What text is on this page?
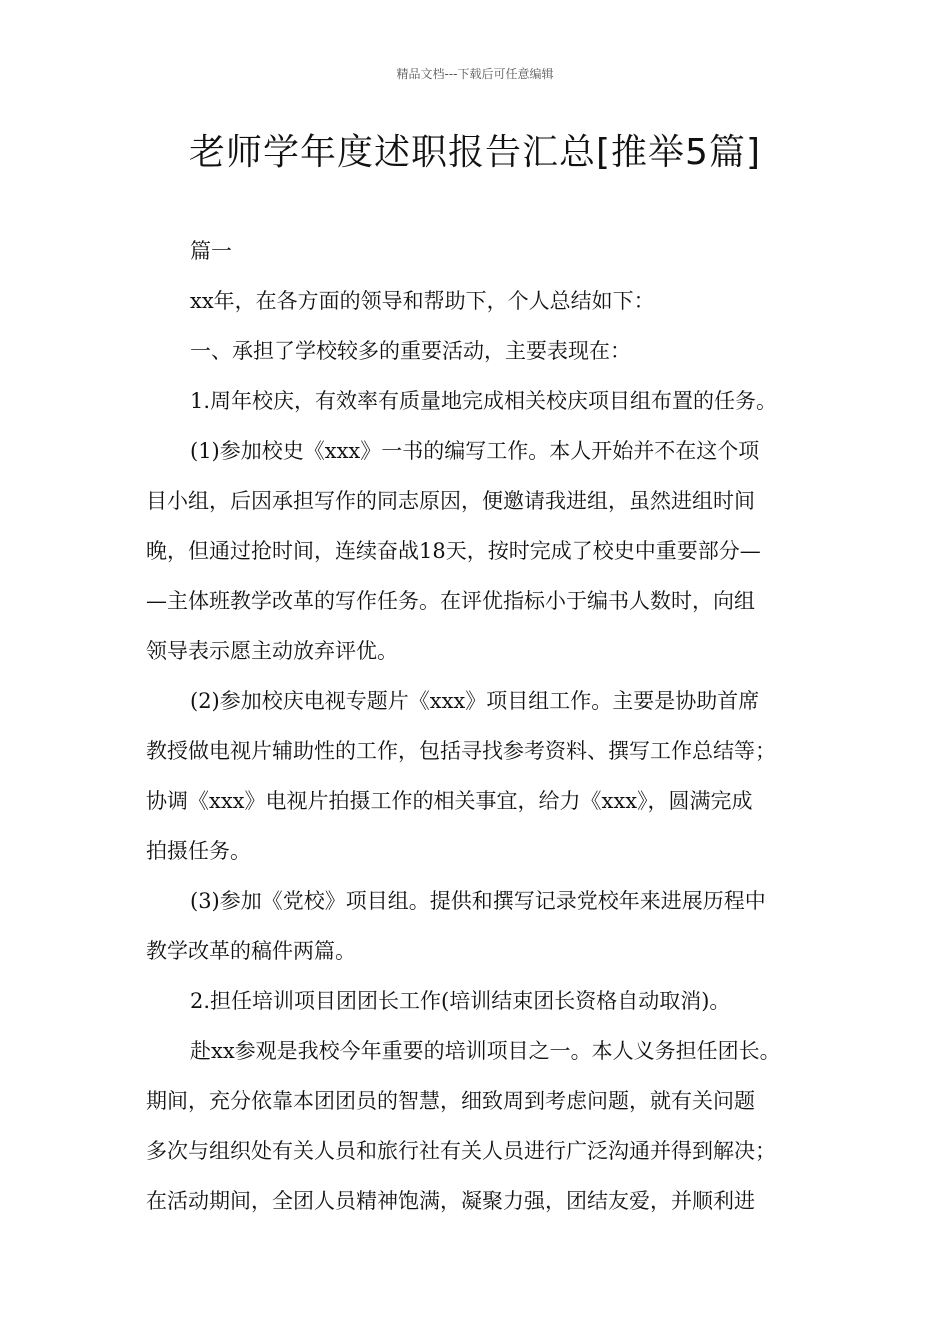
精品文档---下载后可任意编辑
老师学年度述职报告汇总[推举5篇]
篇一
xx年，在各方面的领导和帮助下，个人总结如下：
一、承担了学校较多的重要活动，主要表现在：
1.周年校庆，有效率有质量地完成相关校庆项目组布置的任务。
(1)参加校史《xxx》一书的编写工作。本人开始并不在这个项
目小组，后因承担写作的同志原因，便邀请我进组，虽然进组时间
晚，但通过抢时间，连续奋战18天，按时完成了校史中重要部分—
—主体班教学改革的写作任务。在评优指标小于编书人数时，向组
领导表示愿主动放弃评优。
(2)参加校庆电视专题片《xxx》项目组工作。主要是协助首席
教授做电视片辅助性的工作，包括寻找参考资料、撰写工作总结等；
协调《xxx》电视片拍摄工作的相关事宜，给力《xxx》，圆满完成
拍摄任务。
(3)参加《党校》项目组。提供和撰写记录党校年来进展历程中
教学改革的稿件两篇。
2.担任培训项目团团长工作(培训结束团长资格自动取消)。
赴xx参观是我校今年重要的培训项目之一。本人义务担任团长。
期间，充分依靠本团团员的智慧，细致周到考虑问题，就有关问题
多次与组织处有关人员和旅行社有关人员进行广泛沟通并得到解决；
在活动期间，全团人员精神饱满，凝聚力强，团结友爱，并顺利进
